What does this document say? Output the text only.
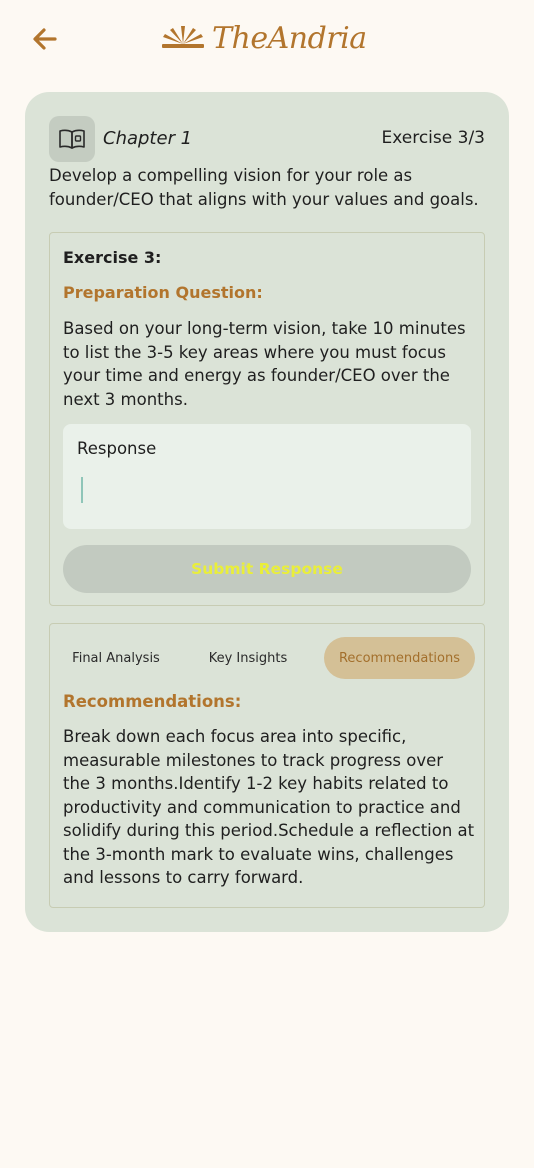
TheAndria
Chapter 1	Exercise 3/3
Develop a compelling vision for your role as founder/CEO that aligns with your values and goals.
Exercise 3:
Preparation Question:
Based on your long-term vision, take 10 minutes to list the 3-5 key areas where you must focus your time and energy as founder/CEO over the next 3 months.
Response
Submit Response
Final Analysis	Key Insights	Recommendations
Recommendations:
Break down each focus area into specific, measurable milestones to track progress over the 3 months.Identify 1-2 key habits related to productivity and communication to practice and solidify during this period.Schedule a reflection at the 3-month mark to evaluate wins, challenges and lessons to carry forward.
